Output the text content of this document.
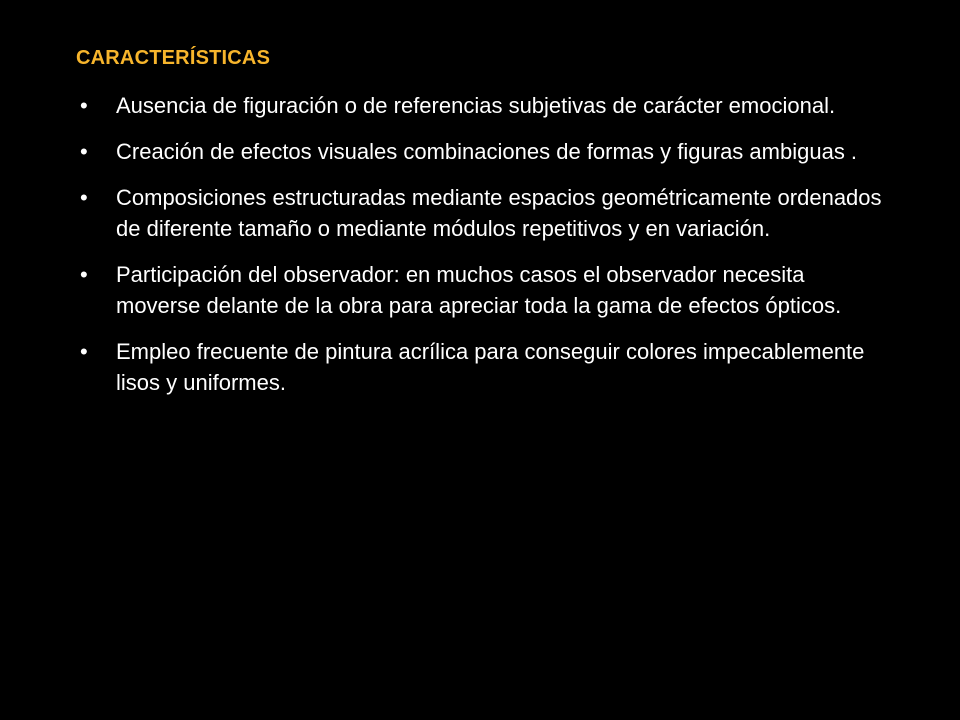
CARACTERÍSTICAS
• Ausencia de figuración o de referencias subjetivas de carácter emocional.
• Creación de efectos visuales combinaciones de formas y figuras ambiguas .
• Composiciones estructuradas mediante espacios geométricamente ordenados de diferente tamaño o mediante módulos repetitivos y en variación.
• Participación del observador: en muchos casos el observador necesita moverse delante de la obra para apreciar toda la gama de efectos ópticos.
• Empleo frecuente de pintura acrílica para conseguir colores impecablemente lisos y uniformes.
